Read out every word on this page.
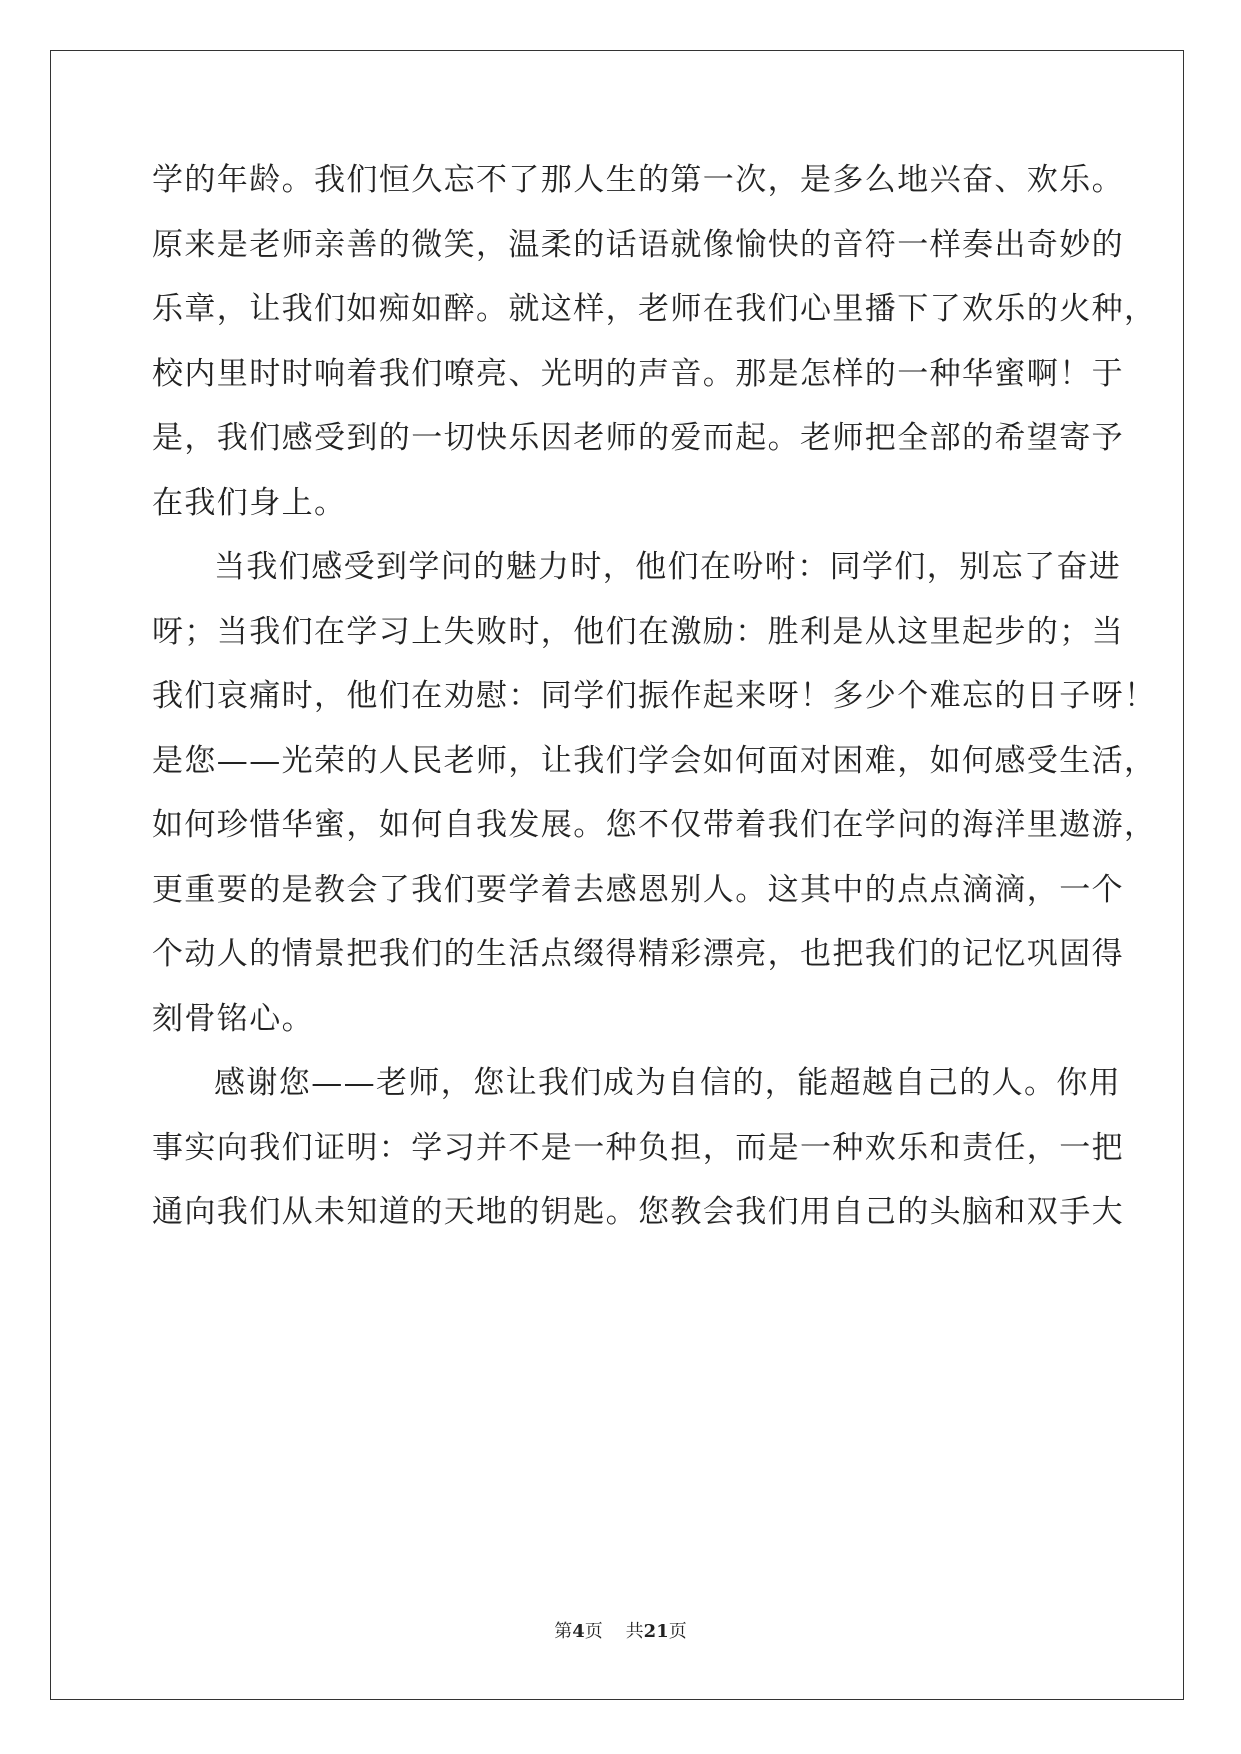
学的年龄。我们恒久忘不了那人生的第一次，是多么地兴奋、欢乐。
原来是老师亲善的微笑，温柔的话语就像愉快的音符一样奏出奇妙的
乐章，让我们如痴如醉。就这样，老师在我们心里播下了欢乐的火种，
校内里时时响着我们嘹亮、光明的声音。那是怎样的一种华蜜啊！于
是，我们感受到的一切快乐因老师的爱而起。老师把全部的希望寄予
在我们身上。
当我们感受到学问的魅力时，他们在吩咐：同学们，别忘了奋进
呀；当我们在学习上失败时，他们在激励：胜利是从这里起步的；当
我们哀痛时，他们在劝慰：同学们振作起来呀！多少个难忘的日子呀！
是您——光荣的人民老师，让我们学会如何面对困难，如何感受生活，
如何珍惜华蜜，如何自我发展。您不仅带着我们在学问的海洋里遨游，
更重要的是教会了我们要学着去感恩别人。这其中的点点滴滴，一个
个动人的情景把我们的生活点缀得精彩漂亮，也把我们的记忆巩固得
刻骨铭心。
感谢您——老师，您让我们成为自信的，能超越自己的人。你用
事实向我们证明：学习并不是一种负担，而是一种欢乐和责任，一把
通向我们从未知道的天地的钥匙。您教会我们用自己的头脑和双手大
第4页 共21页
